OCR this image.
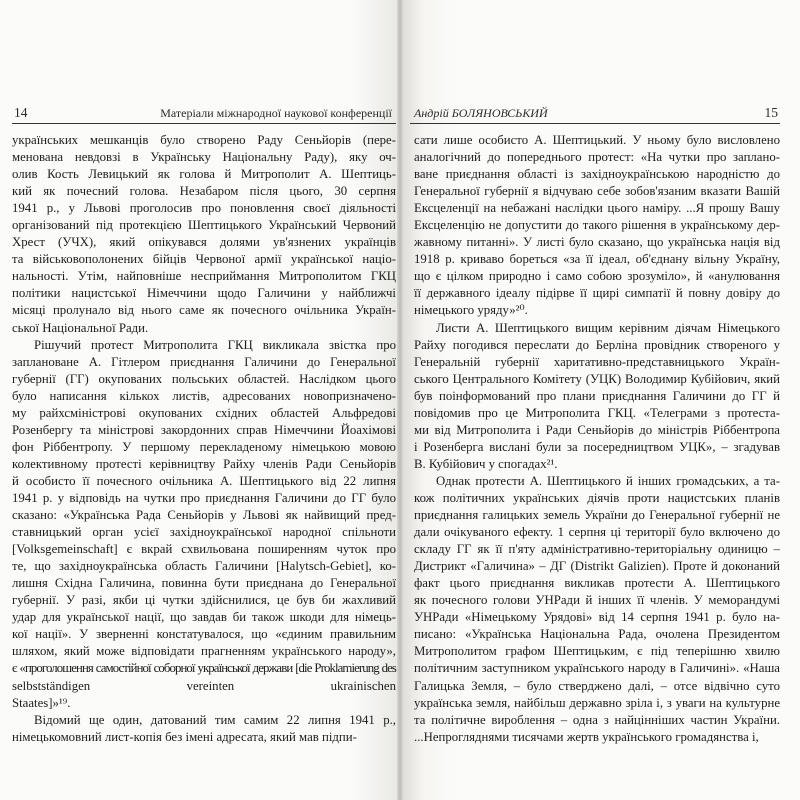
14	Матеріали міжнародної наукової конференції

українських мешканців було створено Раду Сеньйорів (пере-
менована невдовзі в Українську Національну Раду), яку оч-
олив Кость Левицький як голова й Митрополит А. Шептиць-
кий як почесний голова. Незабаром після цього, 30 серпня
1941 р., у Львові проголосив про поновлення своєї діяльності
організований під протекцією Шептицького Український Червоний
Хрест (УЧХ), який опікувався долями ув'язнених українців
та військовополонених бійців Червоної армії української націо-
нальності. Утім, найповніше несприймання Митрополитом ГКЦ
політики нацистської Німеччини щодо Галичини у найближчі
місяці пролунало від нього саме як почесного очільника Україн-
ської Національної Ради.

Рішучий протест Митрополита ГКЦ викликала звістка про
заплановане А. Гітлером приєднання Галичини до Генеральної
губернії (ГГ) окупованих польських областей. Наслідком цього
було написання кількох листів, адресованих новопризначено-
му райхсміністрові окупованих східних областей Альфредові
Розенбергу та міністрові закордонних справ Німеччини Йоахімові
фон Ріббентропу. У першому перекладеному німецькою мовою
колективному протесті керівництву Райху членів Ради Сеньйорів
й особисто її почесного очільника А. Шептицького від 22 липня
1941 р. у відповідь на чутки про приєднання Галичини до ГГ було
сказано: «Українська Рада Сеньйорів у Львові як найвищий пред-
ставницький орган усієї західноукраїнської народної спільноти
[Volksgemeinschaft] є вкрай схвильована поширенням чуток про
те, що західноукраїнська область Галичини [Halytsch-Gebiet], ко-
лишня Східна Галичина, повинна бути приєднана до Генеральної
губернії. У разі, якби ці чутки здійснилися, це був би жахливий
удар для української нації, що завдав би також шкоди для німець-
кої нації». У зверненні констатувалося, що «єдиним правильним
шляхом, який може відповідати прагненням українського народу»,
є «проголошення самостійної соборної української держави [die Proklamierung des
selbstständigen vereinten ukrainischen
Staates]»¹⁹.

Відомий ще один, датований тим самим 22 липня 1941 р.,
німецькомовний лист-копія без імені адресата, який мав підпи-

Андрій БОЛЯНОВСЬКИЙ	15

сати лише особисто А. Шептицький. У ньому було висловлено
аналогічний до попереднього протест: «На чутки про заплано-
ване приєднання області із західноукраїнською народністю до
Генеральної губернії я відчуваю себе зобов'язаним вказати Вашій
Ексцеленції на небажані наслідки цього наміру. ...Я прошу Вашу
Ексцеленцію не допустити до такого рішення в українському дер-
жавному питанні». У листі було сказано, що українська нація від
1918 р. криваво бореться «за її ідеал, об'єднану вільну Україну,
що є цілком природно і само собою зрозуміло», й «анулювання
її державного ідеалу підірве її щирі симпатії й повну довіру до
німецького уряду»²⁰.

Листи А. Шептицького вищим керівним діячам Німецького
Райху погодився переслати до Берліна провідник створеного у
Генеральній губернії харитативно-представницького Україн-
ського Центрального Комітету (УЦК) Володимир Кубійович, який
був поінформований про плани приєднання Галичини до ГГ й
повідомив про це Митрополита ГКЦ. «Телеграми з протеста-
ми від Митрополита і Ради Сеньйорів до міністрів Ріббентропа
і Розенберга вислані були за посередництвом УЦК», – згадував
В. Кубійович у спогадах²¹.

Однак протести А. Шептицького й інших громадських, а та-
кож політичних українських діячів проти нацистських планів
приєднання галицьких земель України до Генеральної губернії не
дали очікуваного ефекту. 1 серпня ці території було включено до
складу ГГ як її п'яту адміністративно-територіальну одиницю –
Дистрикт «Галичина» – ДГ (Distrikt Galizien). Проте й доконаний
факт цього приєднання викликав протести А. Шептицького
як почесного голови УНРади й інших її членів. У меморандумі
УНРади «Німецькому Урядові» від 14 серпня 1941 р. було на-
писано: «Українська Національна Рада, очолена Президентом
Митрополитом графом Шептицьким, є під теперішню хвилю
політичним заступником українського народу в Галичині». «Наша
Галицька Земля, – було стверджено далі, – отсе відвічно суто
українська земля, найбільш державно зріла і, з уваги на культурне
та політичне вироблення – одна з найцінніших частин України.
...Непрогляднями тисячами жертв українського громадянства і,
